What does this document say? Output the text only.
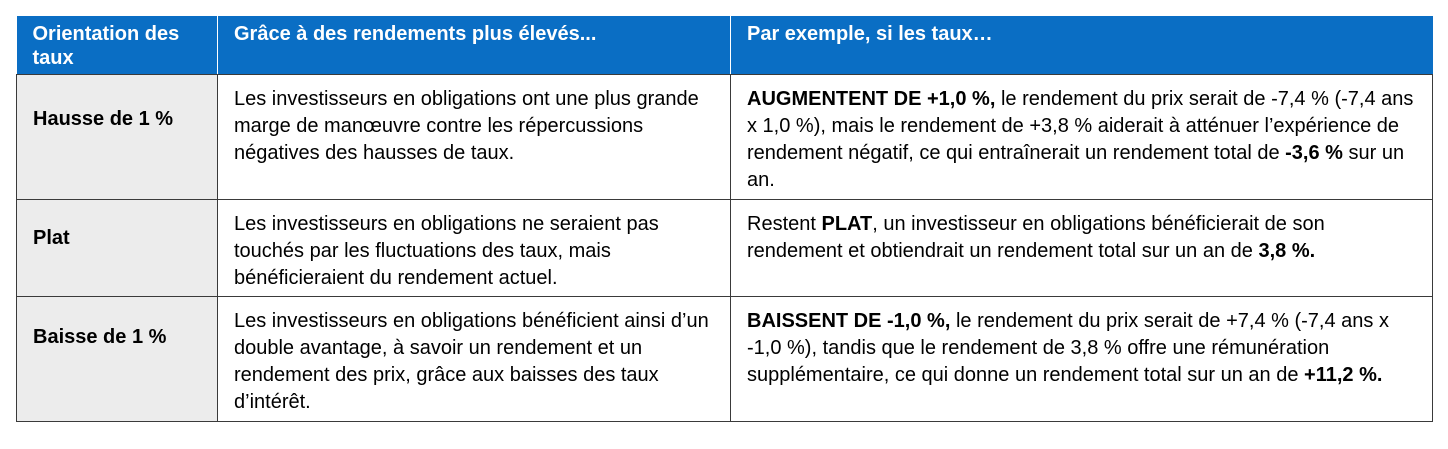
Orientation des taux	Grâce à des rendements plus élevés...	Par exemple, si les taux…

Hausse de 1 %	Les investisseurs en obligations ont une plus grande marge de manœuvre contre les répercussions négatives des hausses de taux.	AUGMENTENT DE +1,0 %, le rendement du prix serait de -7,4 % (-7,4 ans x 1,0 %), mais le rendement de +3,8 % aiderait à atténuer l’expérience de rendement négatif, ce qui entraînerait un rendement total de -3,6 % sur un an.

Plat	Les investisseurs en obligations ne seraient pas touchés par les fluctuations des taux, mais bénéficieraient du rendement actuel.	Restent PLAT, un investisseur en obligations bénéficierait de son rendement et obtiendrait un rendement total sur un an de 3,8 %.

Baisse de 1 %	Les investisseurs en obligations bénéficient ainsi d’un double avantage, à savoir un rendement et un rendement des prix, grâce aux baisses des taux d’intérêt.	BAISSENT DE -1,0 %, le rendement du prix serait de +7,4 % (-7,4 ans x -1,0 %), tandis que le rendement de 3,8 % offre une rémunération supplémentaire, ce qui donne un rendement total sur un an de +11,2 %.
